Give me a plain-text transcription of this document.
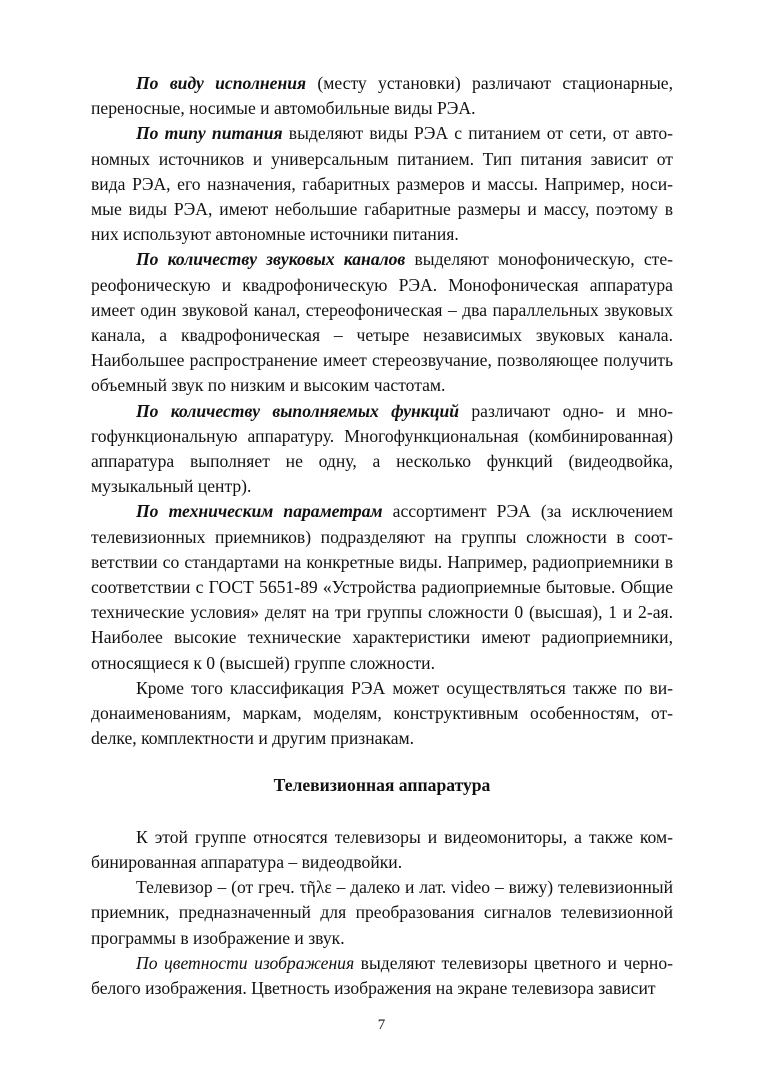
По виду исполнения (месту установки) различают стационарные, переносные, носимые и автомобильные виды РЭА.

По типу питания выделяют виды РЭА с питанием от сети, от автономных источников и универсальным питанием. Тип питания зависит от вида РЭА, его назначения, габаритных размеров и массы. Например, носимые виды РЭА, имеют небольшие габаритные размеры и массу, поэтому в них используют автономные источники питания.

По количеству звуковых каналов выделяют монофоническую, стереофоническую и квадрофоническую РЭА. Монофоническая аппаратура имеет один звуковой канал, стереофоническая – два параллельных звуковых канала, а квадрофоническая – четыре независимых звуковых канала. Наибольшее распространение имеет стереозвучание, позволяющее получить объемный звук по низким и высоким частотам.

По количеству выполняемых функций различают одно- и многофункциональную аппаратуру. Многофункциональная (комбинированная) аппаратура выполняет не одну, а несколько функций (видеодвойка, музыкальный центр).

По техническим параметрам ассортимент РЭА (за исключением телевизионных приемников) подразделяют на группы сложности в соответствии со стандартами на конкретные виды. Например, радиоприемники в соответствии с ГОСТ 5651-89 «Устройства радиоприемные бытовые. Общие технические условия» делят на три группы сложности 0 (высшая), 1 и 2-ая. Наиболее высокие технические характеристики имеют радиоприемники, относящиеся к 0 (высшей) группе сложности.

Кроме того классификация РЭА может осуществляться также по видонаименованиям, маркам, моделям, конструктивным особенностям, отdелке, комплектности и другим признакам.

Телевизионная аппаратура

К этой группе относятся телевизоры и видеомониторы, а также комбинированная аппаратура – видеодвойки.

Телевизор – (от греч. τῆλε – далеко и лат. video – вижу) телевизионный приемник, предназначенный для преобразования сигналов телевизионной программы в изображение и звук.

По цветности изображения выделяют телевизоры цветного и чернобелого изображения. Цветность изображения на экране телевизора зависит

7
